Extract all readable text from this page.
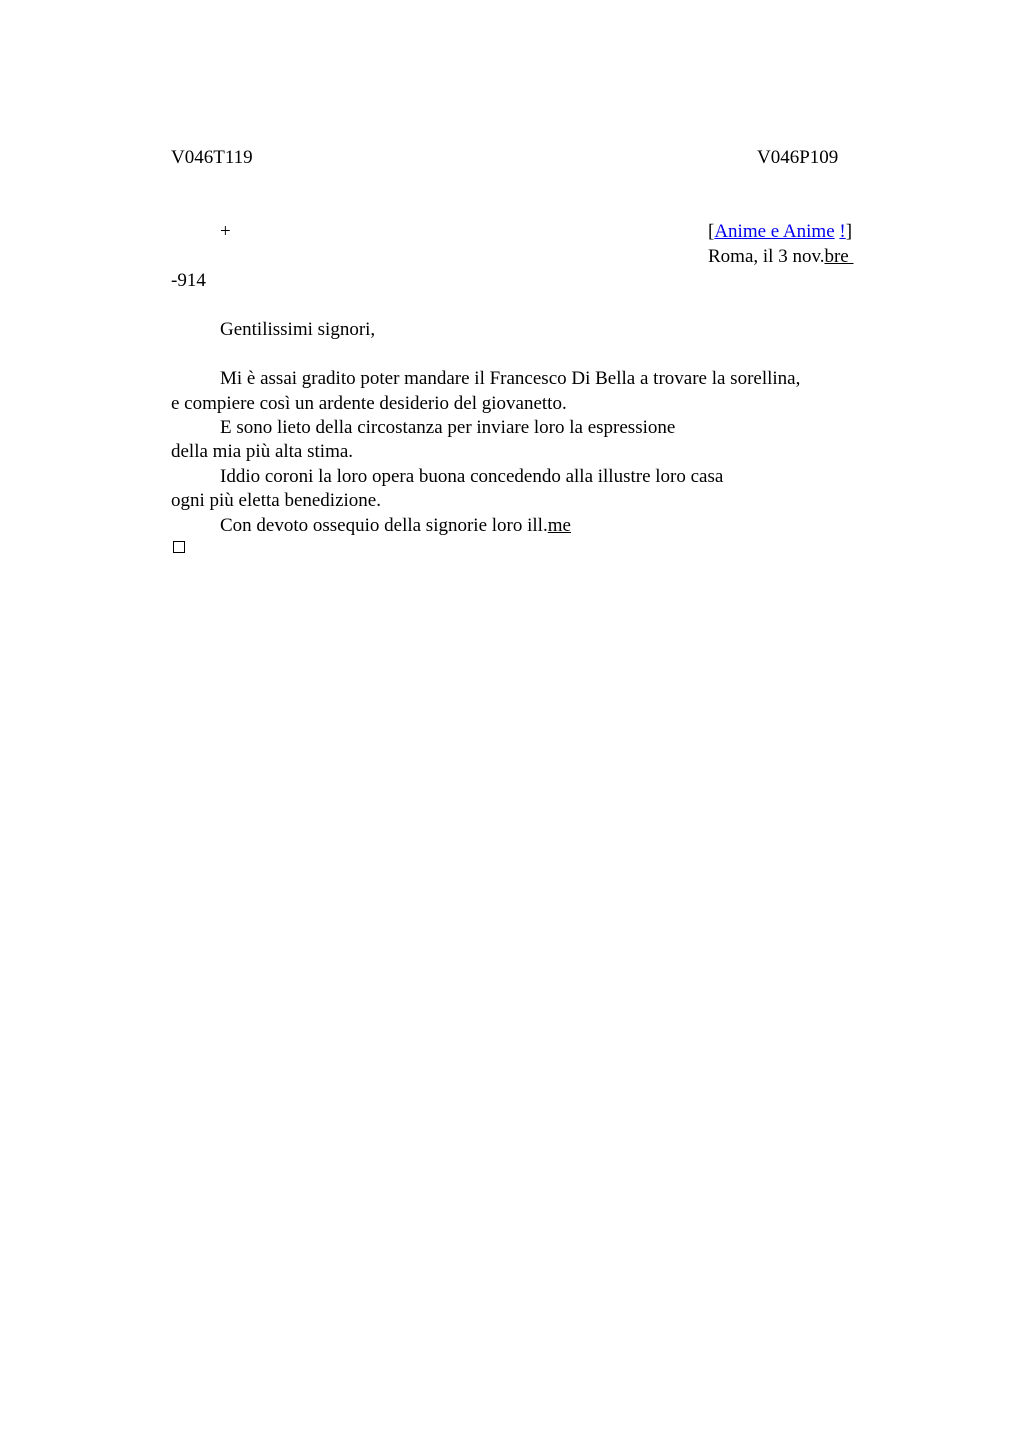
V046T119	V046P109
+	[Anime e Anime !]
Roma, il 3 nov.bre
-914
Gentilissimi signori,
Mi è assai gradito poter mandare il Francesco Di Bella a trovare la sorellina,
e compiere così un ardente desiderio del giovanetto.
E sono lieto della circostanza per inviare loro la espressione
della mia più alta stima.
Iddio coroni la loro opera buona concedendo alla illustre loro casa
ogni più eletta benedizione.
Con devoto ossequio della signorie loro ill.me
